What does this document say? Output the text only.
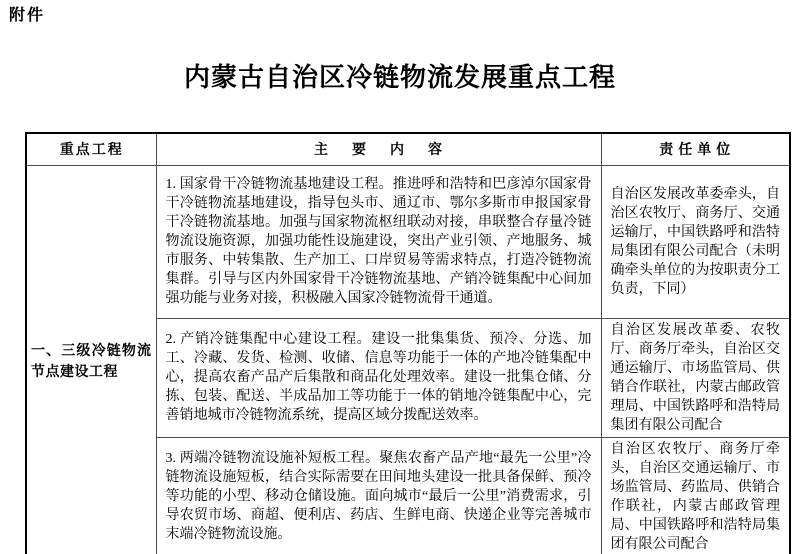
附件
内蒙古自治区冷链物流发展重点工程
重点工程	主要内容	责任单位
一、三级冷链物流节点建设工程	1. 国家骨干冷链物流基地建设工程。推进呼和浩特和巴彦淖尔国家骨干冷链物流基地建设，指导包头市、通辽市、鄂尔多斯市申报国家骨干冷链物流基地。加强与国家物流枢纽联动对接，串联整合存量冷链物流设施资源，加强功能性设施建设，突出产业引领、产地服务、城市服务、中转集散、生产加工、口岸贸易等需求特点，打造冷链物流集群。引导与区内外国家骨干冷链物流基地、产销冷链集配中心间加强功能与业务对接，积极融入国家冷链物流骨干通道。	自治区发展改革委牵头，自治区农牧厅、商务厅、交通运输厅，中国铁路呼和浩特局集团有限公司配合（未明确牵头单位的为按职责分工负责，下同）
	2. 产销冷链集配中心建设工程。建设一批集集货、预冷、分选、加工、冷藏、发货、检测、收储、信息等功能于一体的产地冷链集配中心，提高农畜产品产后集散和商品化处理效率。建设一批集仓储、分拣、包装、配送、半成品加工等功能于一体的销地冷链集配中心，完善销地城市冷链物流系统，提高区域分拨配送效率。	自治区发展改革委、农牧厅、商务厅牵头，自治区交通运输厅、市场监管局、供销合作联社，内蒙古邮政管理局、中国铁路呼和浩特局集团有限公司配合
	3. 两端冷链物流设施补短板工程。聚焦农畜产品产地“最先一公里”冷链物流设施短板，结合实际需要在田间地头建设一批具备保鲜、预冷等功能的小型、移动仓储设施。面向城市“最后一公里”消费需求，引导农贸市场、商超、便利店、药店、生鲜电商、快递企业等完善城市末端冷链物流设施。	自治区农牧厅、商务厅牵头，自治区交通运输厅、市场监管局、药监局、供销合作联社，内蒙古邮政管理局、中国铁路呼和浩特局集团有限公司配合
